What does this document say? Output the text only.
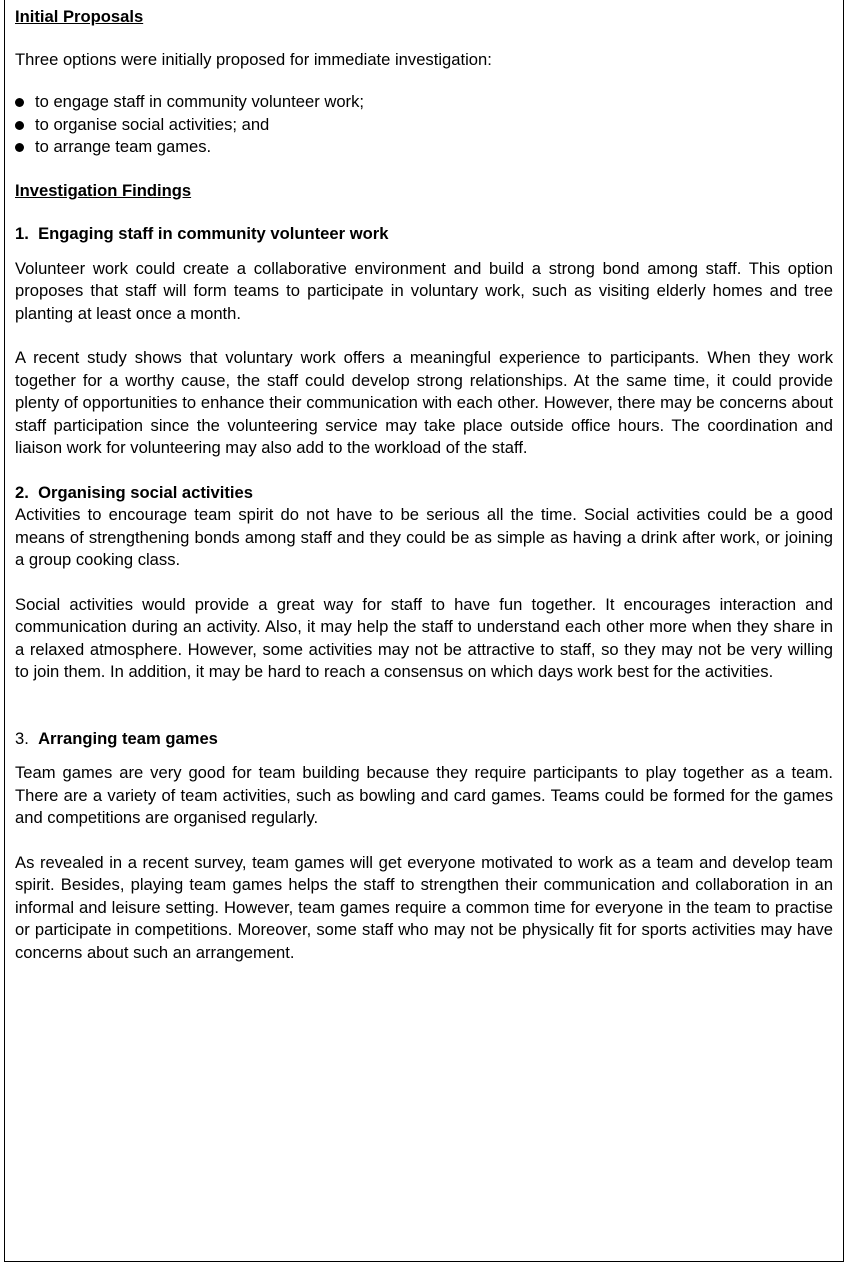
Initial Proposals

Three options were initially proposed for immediate investigation:

to engage staff in community volunteer work;
to organise social activities; and
to arrange team games.

Investigation Findings

1. Engaging staff in community volunteer work

Volunteer work could create a collaborative environment and build a strong bond among staff. This option proposes that staff will form teams to participate in voluntary work, such as visiting elderly homes and tree planting at least once a month.

A recent study shows that voluntary work offers a meaningful experience to participants. When they work together for a worthy cause, the staff could develop strong relationships. At the same time, it could provide plenty of opportunities to enhance their communication with each other. However, there may be concerns about staff participation since the volunteering service may take place outside office hours. The coordination and liaison work for volunteering may also add to the workload of the staff.

2. Organising social activities

Activities to encourage team spirit do not have to be serious all the time. Social activities could be a good means of strengthening bonds among staff and they could be as simple as having a drink after work, or joining a group cooking class.

Social activities would provide a great way for staff to have fun together. It encourages interaction and communication during an activity. Also, it may help the staff to understand each other more when they share in a relaxed atmosphere. However, some activities may not be attractive to staff, so they may not be very willing to join them. In addition, it may be hard to reach a consensus on which days work best for the activities.

3. Arranging team games

Team games are very good for team building because they require participants to play together as a team. There are a variety of team activities, such as bowling and card games. Teams could be formed for the games and competitions are organised regularly.

As revealed in a recent survey, team games will get everyone motivated to work as a team and develop team spirit. Besides, playing team games helps the staff to strengthen their communication and collaboration in an informal and leisure setting. However, team games require a common time for everyone in the team to practise or participate in competitions. Moreover, some staff who may not be physically fit for sports activities may have concerns about such an arrangement.
